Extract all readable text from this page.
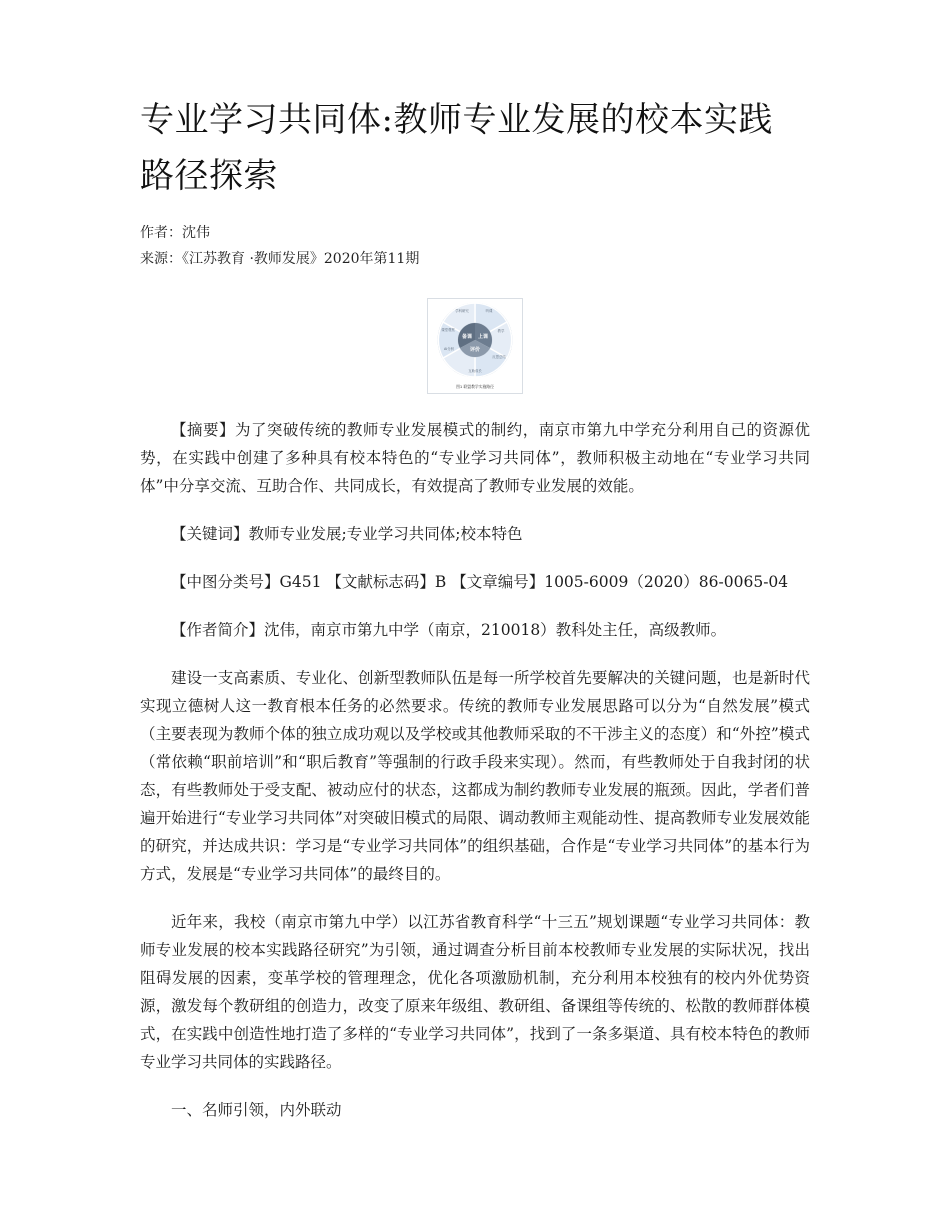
专业学习共同体:教师专业发展的校本实践
路径探索
作者：沈伟
来源：《江苏教育 ·教师发展》2020年第11期
学科研究	听课
教学
反思总结
互助成长
Ai分析
课堂观察
备课 上课
评价
图1 联盟教学实施路径

【摘要】为了突破传统的教师专业发展模式的制约，南京市第九中学充分利用自己的资源优势，在实践中创建了多种具有校本特色的“专业学习共同体”，教师积极主动地在“专业学习共同体”中分享交流、互助合作、共同成长，有效提高了教师专业发展的效能。

【关键词】教师专业发展;专业学习共同体;校本特色

【中图分类号】G451 【文献标志码】B 【文章编号】1005-6009（2020）86-0065-04

【作者简介】沈伟，南京市第九中学（南京，210018）教科处主任，高级教师。

建设一支高素质、专业化、创新型教师队伍是每一所学校首先要解决的关键问题，也是新时代实现立德树人这一教育根本任务的必然要求。传统的教师专业发展思路可以分为“自然发展”模式（主要表现为教师个体的独立成功观以及学校或其他教师采取的不干涉主义的态度）和“外控”模式（常依赖“职前培训”和“职后教育”等强制的行政手段来实现）。然而，有些教师处于自我封闭的状态，有些教师处于受支配、被动应付的状态，这都成为制约教师专业发展的瓶颈。因此，学者们普遍开始进行“专业学习共同体”对突破旧模式的局限、调动教师主观能动性、提高教师专业发展效能的研究，并达成共识：学习是“专业学习共同体”的组织基础，合作是“专业学习共同体”的基本行为方式，发展是“专业学习共同体”的最终目的。

近年来，我校（南京市第九中学）以江苏省教育科学“十三五”规划课题“专业学习共同体：教师专业发展的校本实践路径研究”为引领，通过调查分析目前本校教师专业发展的实际状况，找出阻碍发展的因素，变革学校的管理理念，优化各项激励机制，充分利用本校独有的校内外优势资源，激发每个教研组的创造力，改变了原来年级组、教研组、备课组等传统的、松散的教师群体模式，在实践中创造性地打造了多样的“专业学习共同体”，找到了一条多渠道、具有校本特色的教师专业学习共同体的实践路径。

一、名师引领，内外联动
